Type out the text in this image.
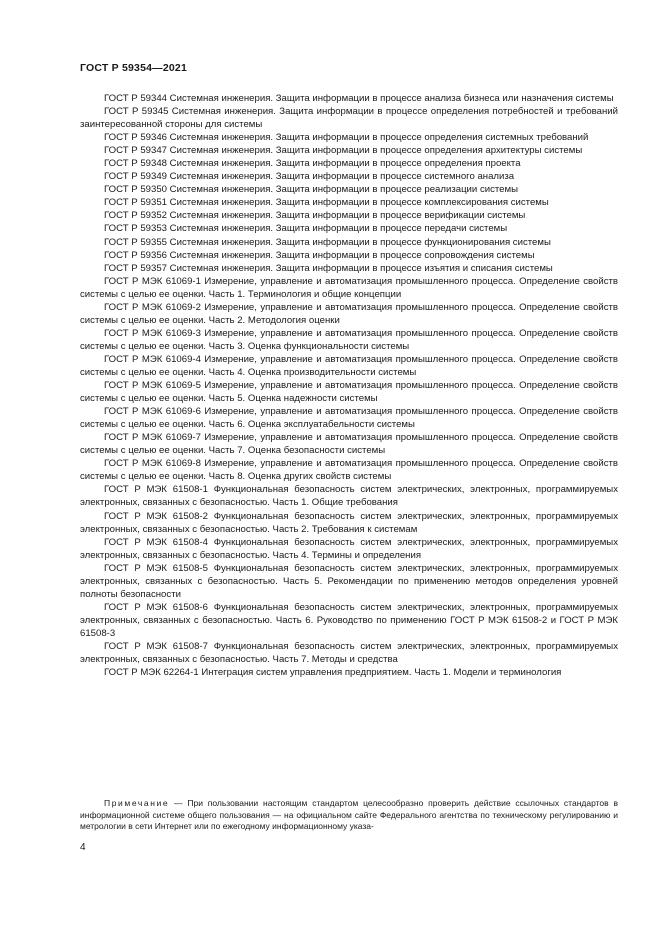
ГОСТ Р 59354—2021

ГОСТ Р 59344 Системная инженерия. Защита информации в процессе анализа бизнеса или назначения системы

ГОСТ Р 59345 Системная инженерия. Защита информации в процессе определения потребностей и требований заинтересованной стороны для системы

ГОСТ Р 59346 Системная инженерия. Защита информации в процессе определения системных требований

ГОСТ Р 59347 Системная инженерия. Защита информации в процессе определения архитектуры системы

ГОСТ Р 59348 Системная инженерия. Защита информации в процессе определения проекта

ГОСТ Р 59349 Системная инженерия. Защита информации в процессе системного анализа

ГОСТ Р 59350 Системная инженерия. Защита информации в процессе реализации системы

ГОСТ Р 59351 Системная инженерия. Защита информации в процессе комплексирования системы

ГОСТ Р 59352 Системная инженерия. Защита информации в процессе верификации системы

ГОСТ Р 59353 Системная инженерия. Защита информации в процессе передачи системы

ГОСТ Р 59355 Системная инженерия. Защита информации в процессе функционирования системы

ГОСТ Р 59356 Системная инженерия. Защита информации в процессе сопровождения системы

ГОСТ Р 59357 Системная инженерия. Защита информации в процессе изъятия и списания системы

ГОСТ Р МЭК 61069-1 Измерение, управление и автоматизация промышленного процесса. Определение свойств системы с целью ее оценки. Часть 1. Терминология и общие концепции

ГОСТ Р МЭК 61069-2 Измерение, управление и автоматизация промышленного процесса. Определение свойств системы с целью ее оценки. Часть 2. Методология оценки

ГОСТ Р МЭК 61069-3 Измерение, управление и автоматизация промышленного процесса. Определение свойств системы с целью ее оценки. Часть 3. Оценка функциональности системы

ГОСТ Р МЭК 61069-4 Измерение, управление и автоматизация промышленного процесса. Определение свойств системы с целью ее оценки. Часть 4. Оценка производительности системы

ГОСТ Р МЭК 61069-5 Измерение, управление и автоматизация промышленного процесса. Определение свойств системы с целью ее оценки. Часть 5. Оценка надежности системы

ГОСТ Р МЭК 61069-6 Измерение, управление и автоматизация промышленного процесса. Определение свойств системы с целью ее оценки. Часть 6. Оценка эксплуатабельности системы

ГОСТ Р МЭК 61069-7 Измерение, управление и автоматизация промышленного процесса. Определение свойств системы с целью ее оценки. Часть 7. Оценка безопасности системы

ГОСТ Р МЭК 61069-8 Измерение, управление и автоматизация промышленного процесса. Определение свойств системы с целью ее оценки. Часть 8. Оценка других свойств системы

ГОСТ Р МЭК 61508-1 Функциональная безопасность систем электрических, электронных, программируемых электронных, связанных с безопасностью. Часть 1. Общие требования

ГОСТ Р МЭК 61508-2 Функциональная безопасность систем электрических, электронных, программируемых электронных, связанных с безопасностью. Часть 2. Требования к системам

ГОСТ Р МЭК 61508-4 Функциональная безопасность систем электрических, электронных, программируемых электронных, связанных с безопасностью. Часть 4. Термины и определения

ГОСТ Р МЭК 61508-5 Функциональная безопасность систем электрических, электронных, программируемых электронных, связанных с безопасностью. Часть 5. Рекомендации по применению методов определения уровней полноты безопасности

ГОСТ Р МЭК 61508-6 Функциональная безопасность систем электрических, электронных, программируемых электронных, связанных с безопасностью. Часть 6. Руководство по применению ГОСТ Р МЭК 61508-2 и ГОСТ Р МЭК 61508-3

ГОСТ Р МЭК 61508-7 Функциональная безопасность систем электрических, электронных, программируемых электронных, связанных с безопасностью. Часть 7. Методы и средства

ГОСТ Р МЭК 62264-1 Интеграция систем управления предприятием. Часть 1. Модели и терминология

Примечание — При пользовании настоящим стандартом целесообразно проверить действие ссылочных стандартов в информационной системе общего пользования — на официальном сайте Федерального агентства по техническому регулированию и метрологии в сети Интернет или по ежегодному информационному указа-

4
